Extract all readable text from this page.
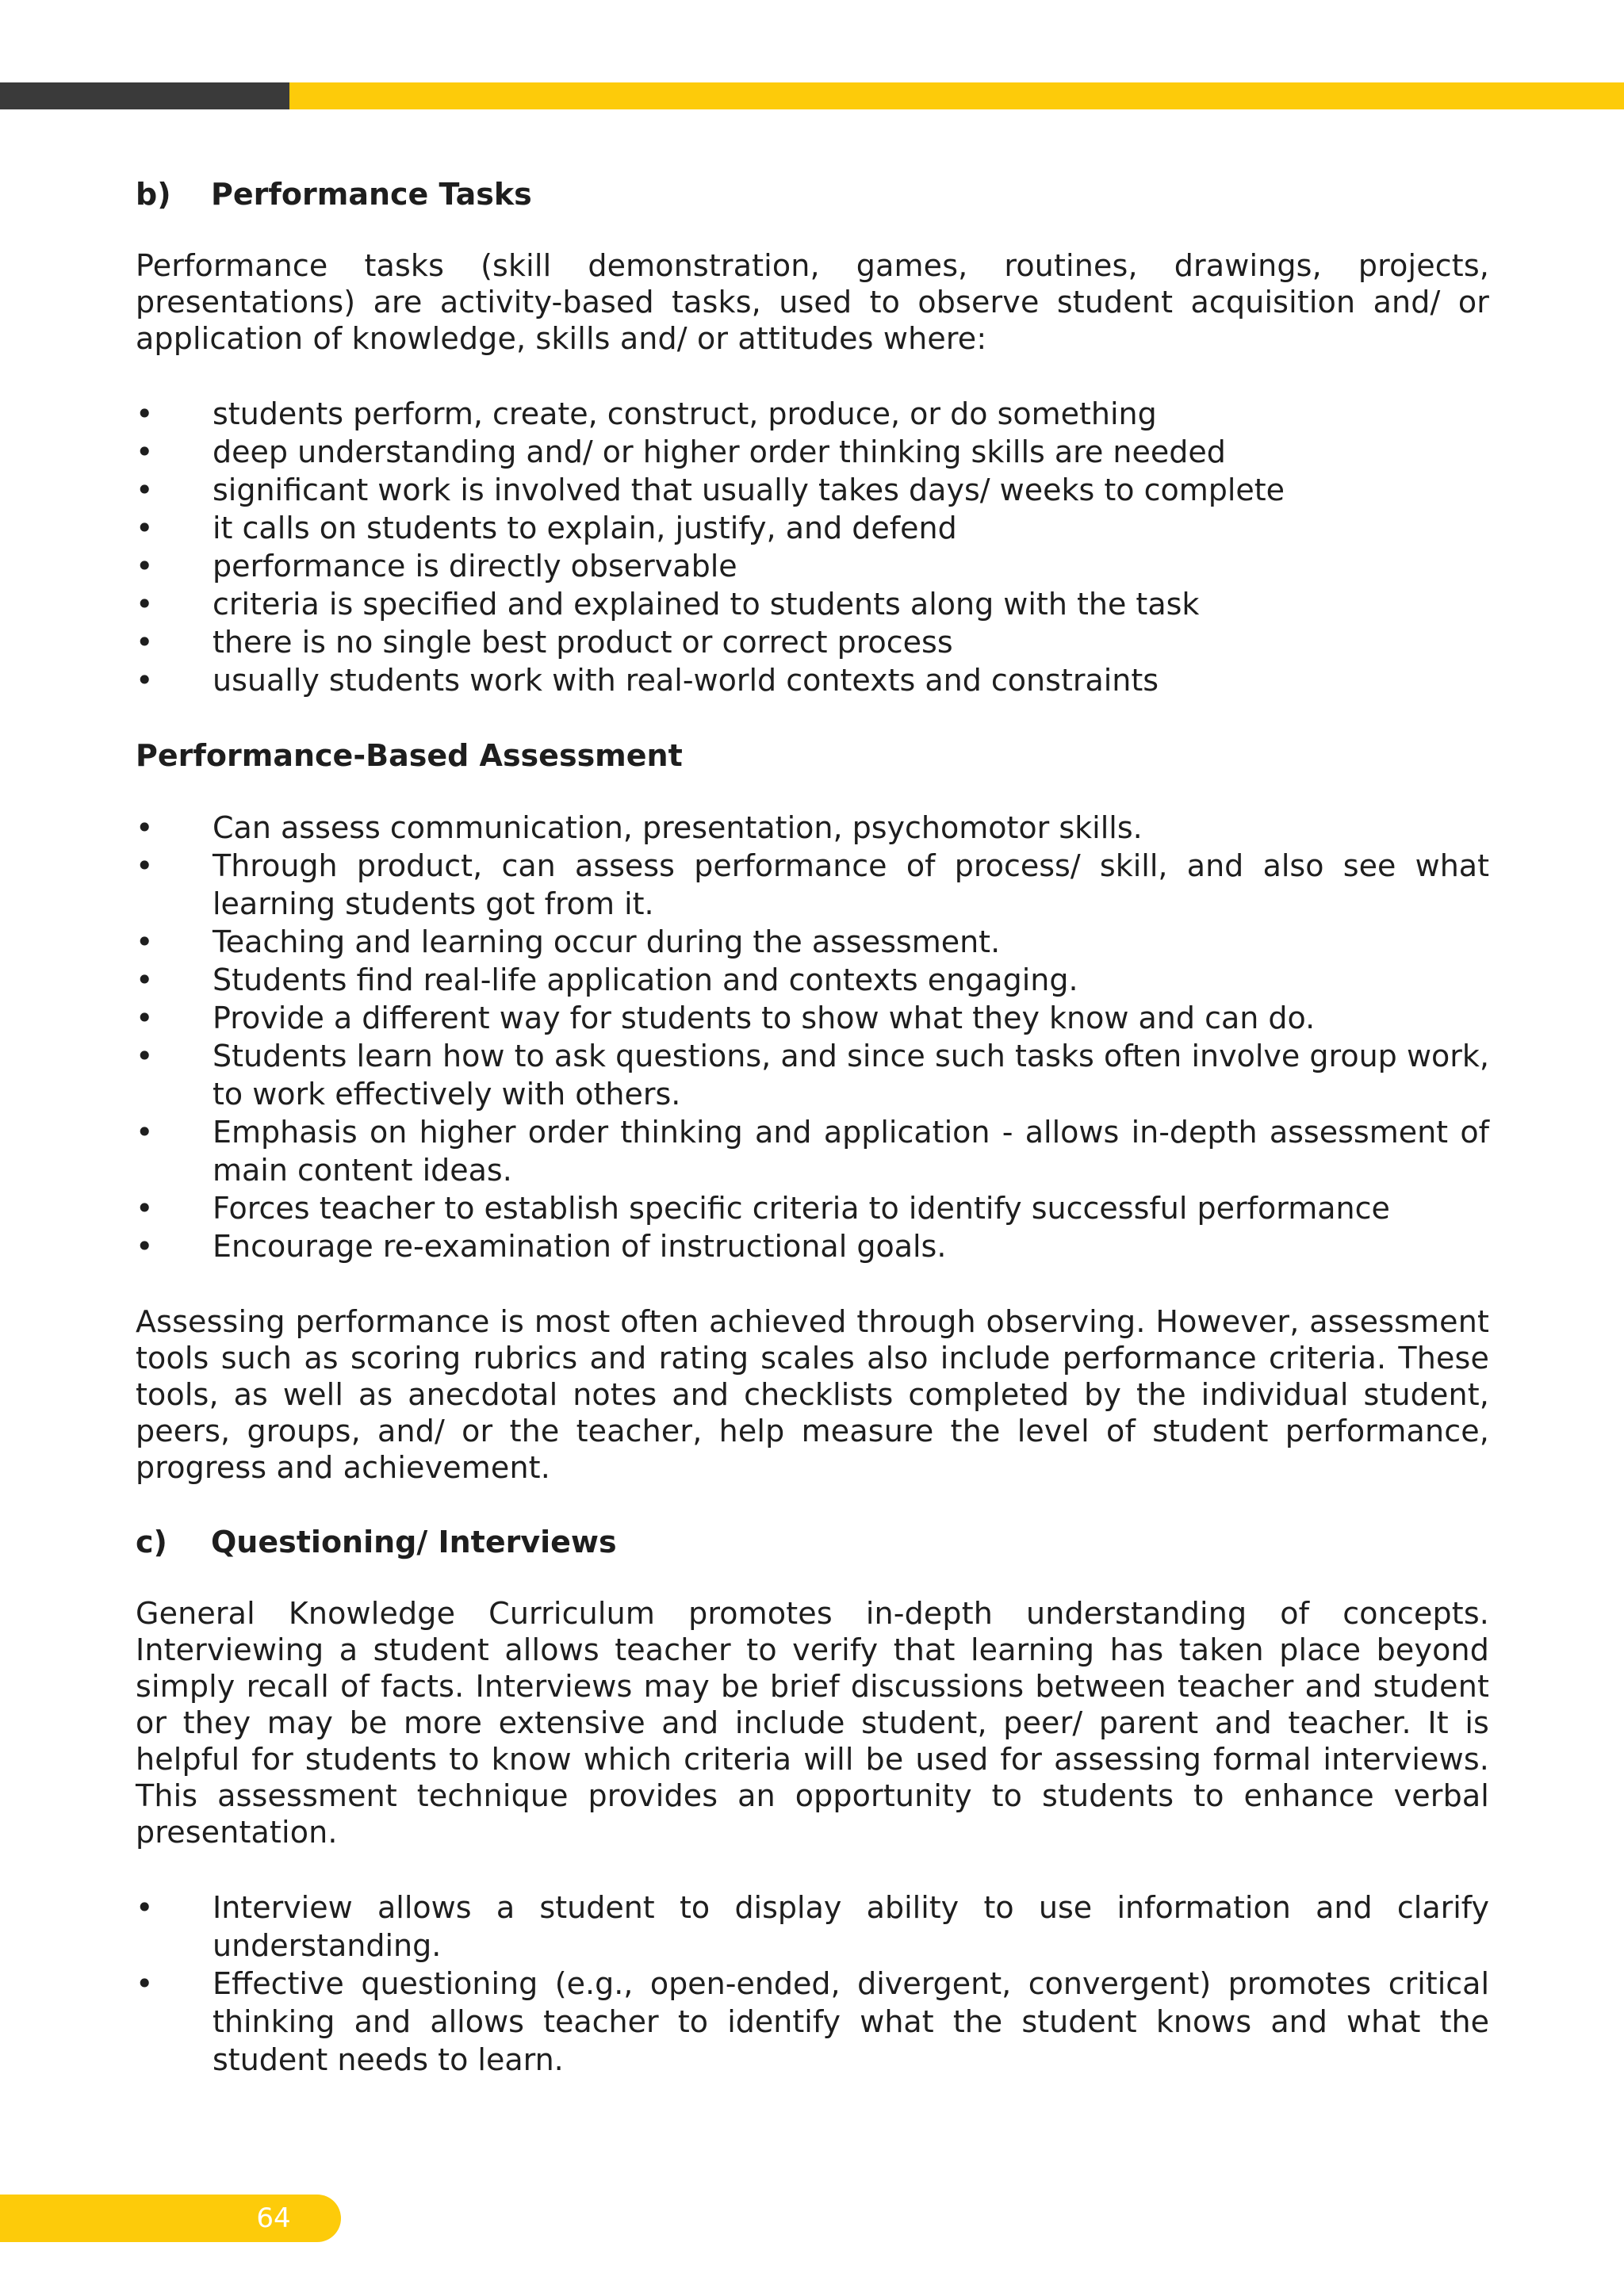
b)	Performance Tasks

Performance tasks (skill demonstration, games, routines, drawings, projects, presentations) are activity-based tasks, used to observe student acquisition and/ or application of knowledge, skills and/ or attitudes where:

• students perform, create, construct, produce, or do something
• deep understanding and/ or higher order thinking skills are needed
• significant work is involved that usually takes days/ weeks to complete
• it calls on students to explain, justify, and defend
• performance is directly observable
• criteria is specified and explained to students along with the task
• there is no single best product or correct process
• usually students work with real-world contexts and constraints
Performance-Based Assessment
• Can assess communication, presentation, psychomotor skills.
• Through product, can assess performance of process/ skill, and also see what learning students got from it.
• Teaching and learning occur during the assessment.
• Students find real-life application and contexts engaging.
• Provide a different way for students to show what they know and can do.
• Students learn how to ask questions, and since such tasks often involve group work, to work effectively with others.
• Emphasis on higher order thinking and application - allows in-depth assessment of main content ideas.
• Forces teacher to establish specific criteria to identify successful performance
• Encourage re-examination of instructional goals.

Assessing performance is most often achieved through observing. However, assessment tools such as scoring rubrics and rating scales also include performance criteria. These tools, as well as anecdotal notes and checklists completed by the individual student, peers, groups, and/ or the teacher, help measure the level of student performance, progress and achievement.

c)	Questioning/ Interviews

General Knowledge Curriculum promotes in-depth understanding of concepts. Interviewing a student allows teacher to verify that learning has taken place beyond simply recall of facts. Interviews may be brief discussions between teacher and student or they may be more extensive and include student, peer/ parent and teacher. It is helpful for students to know which criteria will be used for assessing formal interviews. This assessment technique provides an opportunity to students to enhance verbal presentation.

• Interview allows a student to display ability to use information and clarify understanding.
• Effective questioning (e.g., open-ended, divergent, convergent) promotes critical thinking and allows teacher to identify what the student knows and what the student needs to learn.
64
